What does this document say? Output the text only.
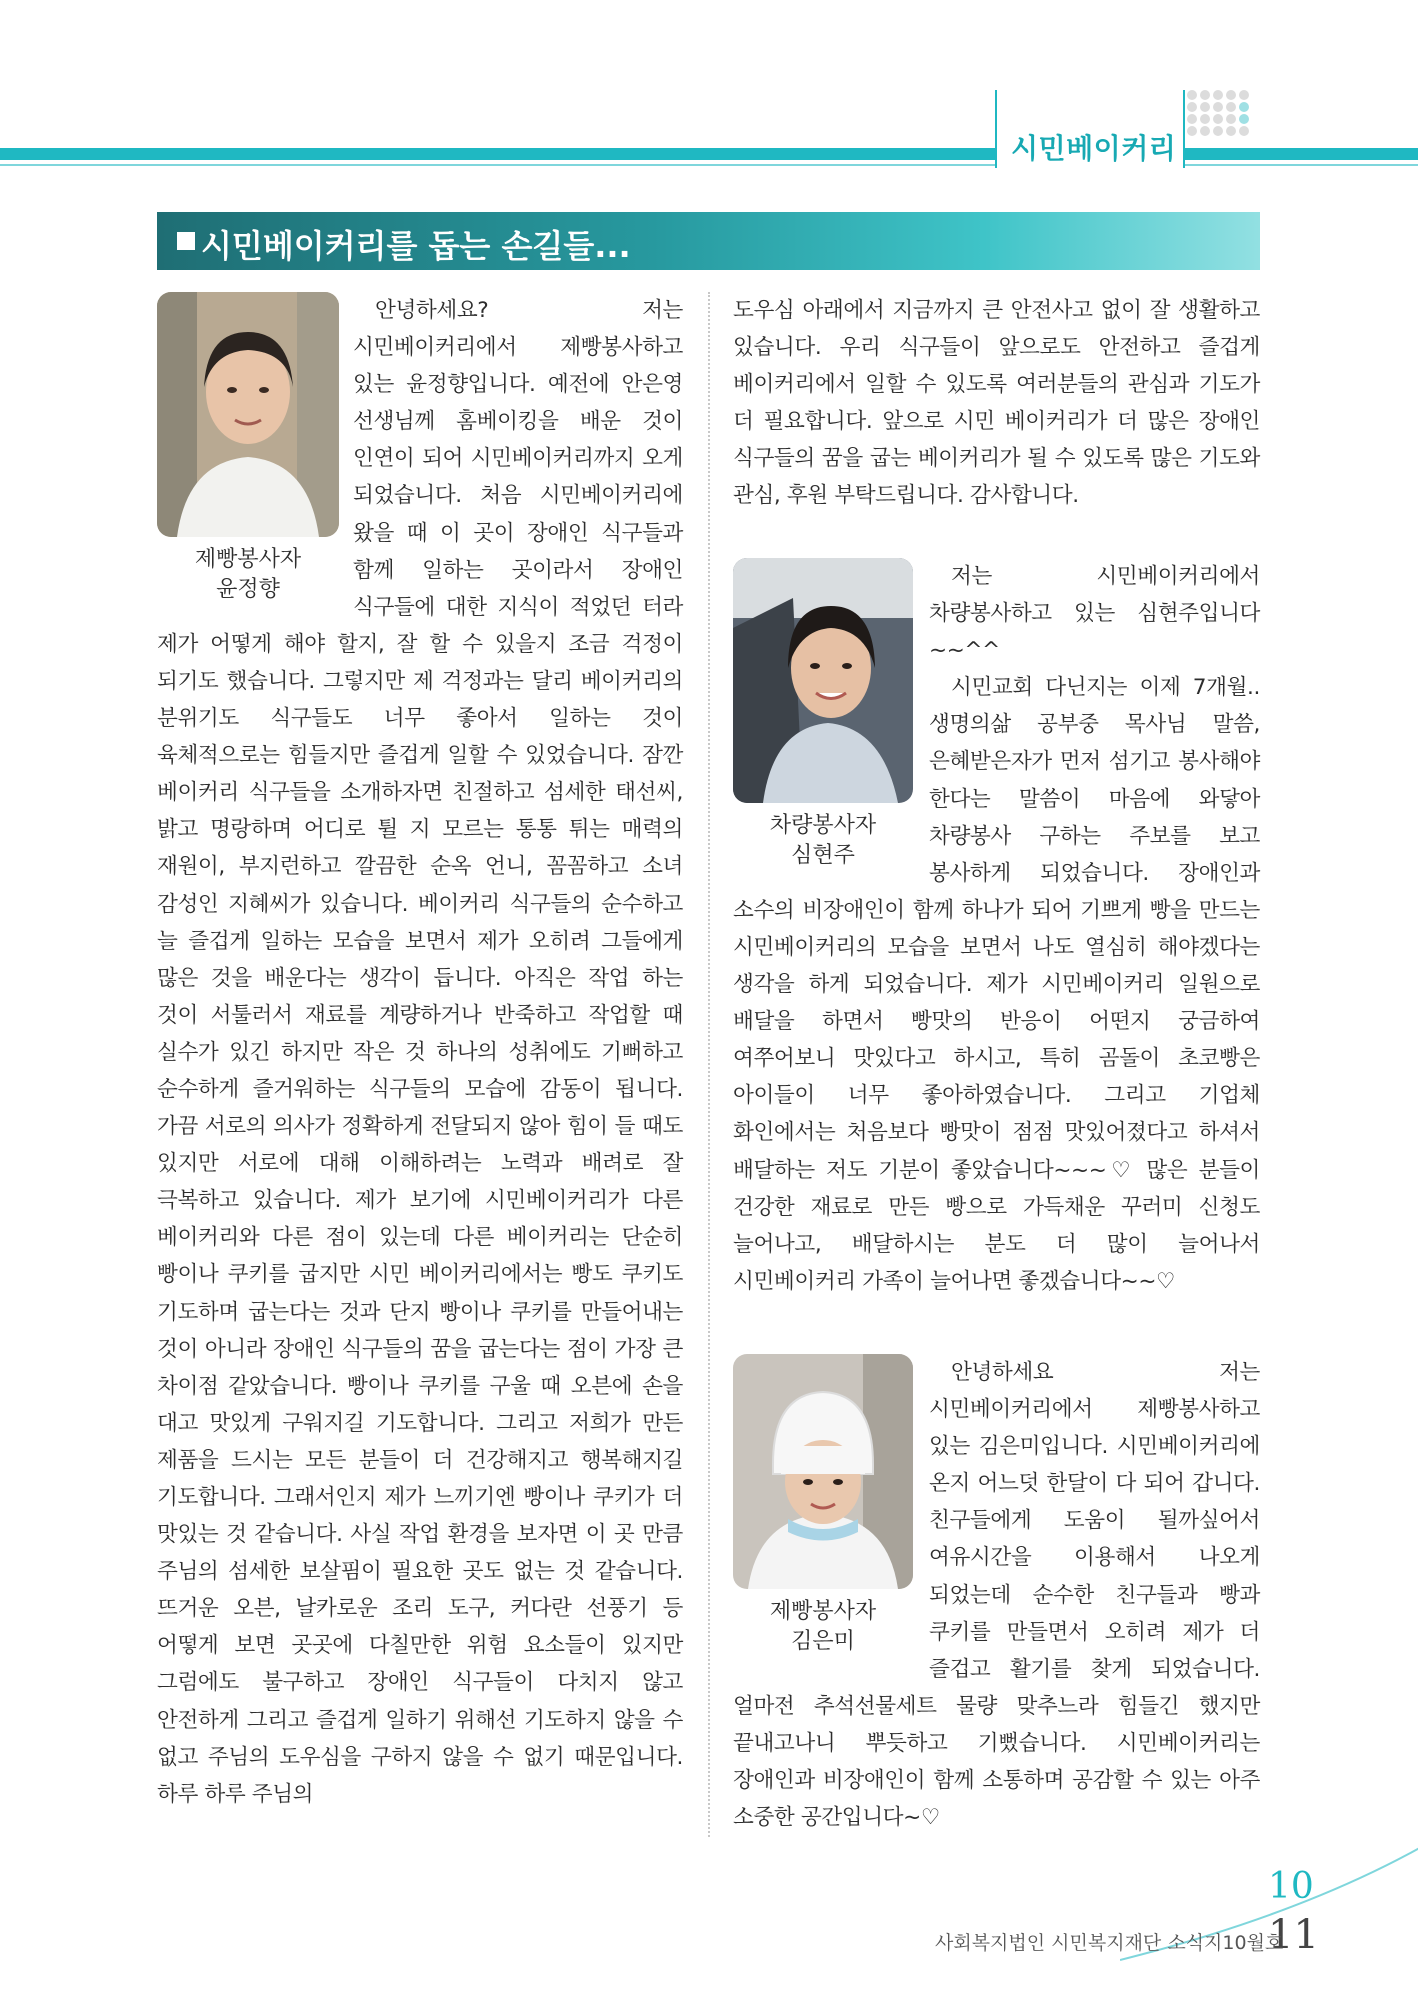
시민베이커리
시민베이커리를 돕는 손길들...
제빵봉사자
윤정향

안녕하세요? 저는 시민베이커리에서 제빵봉사하고 있는 윤정향입니다. 예전에 안은영 선생님께 홈베이킹을 배운 것이 인연이 되어 시민베이커리까지 오게 되었습니다. 처음 시민베이커리에 왔을 때 이 곳이 장애인 식구들과 함께 일하는 곳이라서 장애인 식구들에 대한 지식이 적었던 터라 제가 어떻게 해야 할지, 잘 할 수 있을지 조금 걱정이 되기도 했습니다. 그렇지만 제 걱정과는 달리 베이커리의 분위기도 식구들도 너무 좋아서 일하는 것이 육체적으로는 힘들지만 즐겁게 일할 수 있었습니다. 잠깐 베이커리 식구들을 소개하자면 친절하고 섬세한 태선씨, 밝고 명랑하며 어디로 튈 지 모르는 통통 튀는 매력의 재원이, 부지런하고 깔끔한 순옥 언니, 꼼꼼하고 소녀 감성인 지혜씨가 있습니다. 베이커리 식구들의 순수하고 늘 즐겁게 일하는 모습을 보면서 제가 오히려 그들에게 많은 것을 배운다는 생각이 듭니다. 아직은 작업 하는 것이 서툴러서 재료를 계량하거나 반죽하고 작업할 때 실수가 있긴 하지만 작은 것 하나의 성취에도 기뻐하고 순수하게 즐거워하는 식구들의 모습에 감동이 됩니다. 가끔 서로의 의사가 정확하게 전달되지 않아 힘이 들 때도 있지만 서로에 대해 이해하려는 노력과 배려로 잘 극복하고 있습니다. 제가 보기에 시민베이커리가 다른 베이커리와 다른 점이 있는데 다른 베이커리는 단순히 빵이나 쿠키를 굽지만 시민 베이커리에서는 빵도 쿠키도 기도하며 굽는다는 것과 단지 빵이나 쿠키를 만들어내는 것이 아니라 장애인 식구들의 꿈을 굽는다는 점이 가장 큰 차이점 같았습니다. 빵이나 쿠키를 구울 때 오븐에 손을 대고 맛있게 구워지길 기도합니다. 그리고 저희가 만든 제품을 드시는 모든 분들이 더 건강해지고 행복해지길 기도합니다. 그래서인지 제가 느끼기엔 빵이나 쿠키가 더 맛있는 것 같습니다. 사실 작업 환경을 보자면 이 곳 만큼 주님의 섬세한 보살핌이 필요한 곳도 없는 것 같습니다. 뜨거운 오븐, 날카로운 조리 도구, 커다란 선풍기 등 어떻게 보면 곳곳에 다칠만한 위험 요소들이 있지만 그럼에도 불구하고 장애인 식구들이 다치지 않고 안전하게 그리고 즐겁게 일하기 위해선 기도하지 않을 수 없고 주님의 도우심을 구하지 않을 수 없기 때문입니다. 하루 하루 주님의

도우심 아래에서 지금까지 큰 안전사고 없이 잘 생활하고 있습니다. 우리 식구들이 앞으로도 안전하고 즐겁게 베이커리에서 일할 수 있도록 여러분들의 관심과 기도가 더 필요합니다. 앞으로 시민 베이커리가 더 많은 장애인 식구들의 꿈을 굽는 베이커리가 될 수 있도록 많은 기도와 관심, 후원 부탁드립니다. 감사합니다.

차량봉사자
심현주

저는 시민베이커리에서 차량봉사하고 있는 심현주입니다~~^^

시민교회 다닌지는 이제 7개월.. 생명의삶 공부중 목사님 말씀, 은혜받은자가 먼저 섬기고 봉사해야 한다는 말씀이 마음에 와닿아 차량봉사 구하는 주보를 보고 봉사하게 되었습니다. 장애인과 소수의 비장애인이 함께 하나가 되어 기쁘게 빵을 만드는 시민베이커리의 모습을 보면서 나도 열심히 해야겠다는 생각을 하게 되었습니다. 제가 시민베이커리 일원으로 배달을 하면서 빵맛의 반응이 어떤지 궁금하여 여쭈어보니 맛있다고 하시고, 특히 곰돌이 초코빵은 아이들이 너무 좋아하였습니다. 그리고 기업체 화인에서는 처음보다 빵맛이 점점 맛있어졌다고 하셔서 배달하는 저도 기분이 좋았습니다~~~♡ 많은 분들이 건강한 재료로 만든 빵으로 가득채운 꾸러미 신청도 늘어나고, 배달하시는 분도 더 많이 늘어나서 시민베이커리 가족이 늘어나면 좋겠습니다~~♡

제빵봉사자
김은미

안녕하세요 저는 시민베이커리에서 제빵봉사하고 있는 김은미입니다. 시민베이커리에 온지 어느덧 한달이 다 되어 갑니다. 친구들에게 도움이 될까싶어서 여유시간을 이용해서 나오게 되었는데 순수한 친구들과 빵과 쿠키를 만들면서 오히려 제가 더 즐겁고 활기를 찾게 되었습니다. 얼마전 추석선물세트 물량 맞추느라 힘들긴 했지만 끝내고나니 뿌듯하고 기뻤습니다. 시민베이커리는 장애인과 비장애인이 함께 소통하며 공감할 수 있는 아주 소중한 공간입니다~♡

10
11
사회복지법인 시민복지재단 소식지10월호
